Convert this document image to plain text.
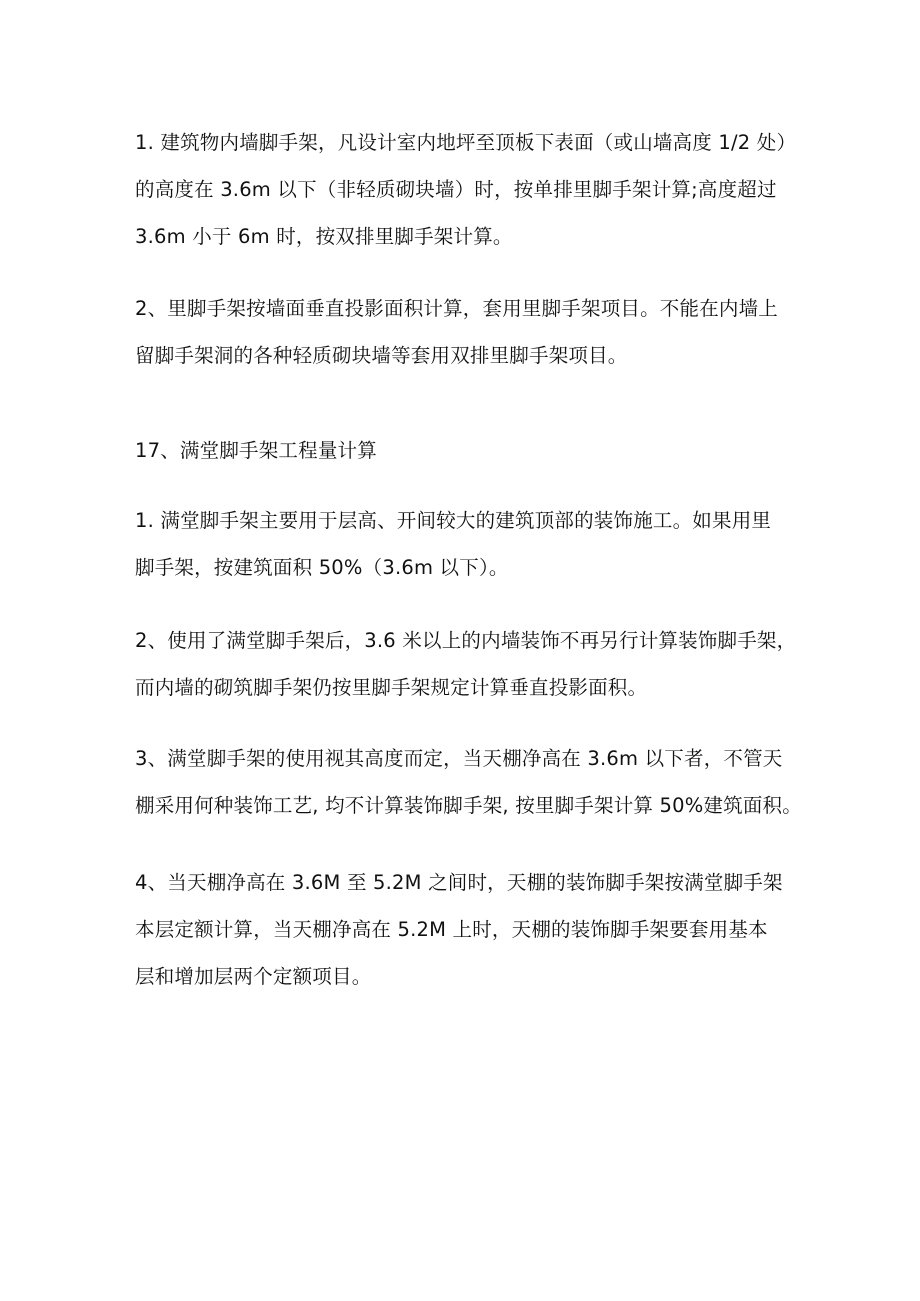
1. 建筑物内墙脚手架，凡设计室内地坪至顶板下表面（或山墙高度 1/2 处）
的高度在 3.6m 以下（非轻质砌块墙）时，按单排里脚手架计算;高度超过
3.6m 小于 6m 时，按双排里脚手架计算。
2、里脚手架按墙面垂直投影面积计算，套用里脚手架项目。不能在内墙上
留脚手架洞的各种轻质砌块墙等套用双排里脚手架项目。
17、满堂脚手架工程量计算
1. 满堂脚手架主要用于层高、开间较大的建筑顶部的装饰施工。如果用里
脚手架，按建筑面积 50%（3.6m 以下）。
2、使用了满堂脚手架后，3.6 米以上的内墙装饰不再另行计算装饰脚手架，
而内墙的砌筑脚手架仍按里脚手架规定计算垂直投影面积。
3、满堂脚手架的使用视其高度而定，当天棚净高在 3.6m 以下者，不管天
棚采用何种装饰工艺, 均不计算装饰脚手架, 按里脚手架计算 50%建筑面积。
4、当天棚净高在 3.6M 至 5.2M 之间时，天棚的装饰脚手架按满堂脚手架
本层定额计算，当天棚净高在 5.2M 上时，天棚的装饰脚手架要套用基本
层和增加层两个定额项目。
